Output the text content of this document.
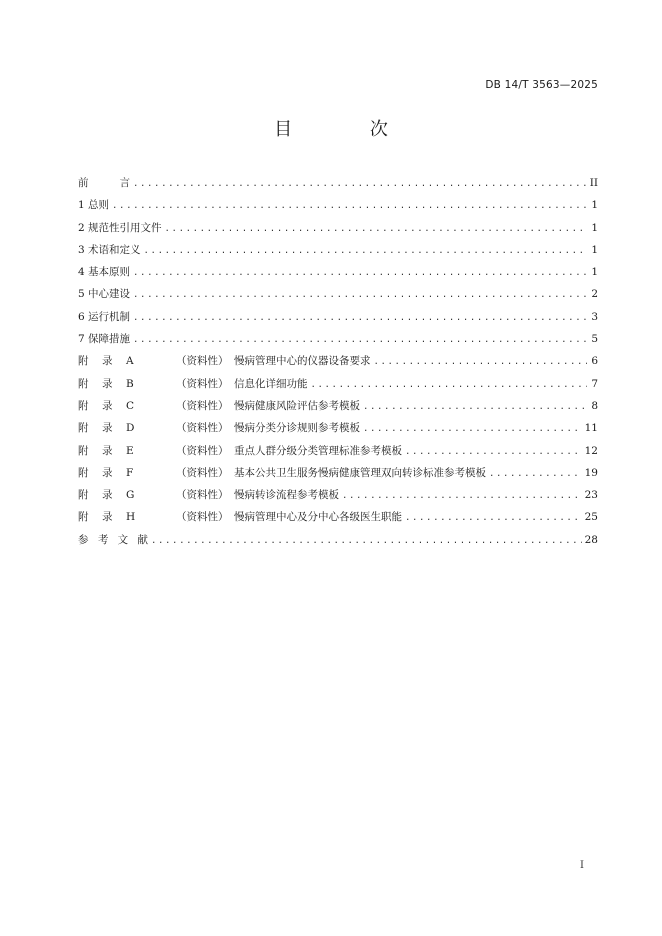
DB 14/T 3563—2025
目 次
前	言 .....	II
1 总则 .....	1
2 规范性引用文件 .....	1
3 术语和定义 .....	1
4 基本原则 .....	1
5 中心建设 .....	2
6 运行机制 .....	3
7 保障措施 .....	5
附 录 A	（资料性） 慢病管理中心的仪器设备要求 .....	6
附 录 B	（资料性） 信息化详细功能 .....	7
附 录 C	（资料性） 慢病健康风险评估参考模板 .....	8
附 录 D	（资料性） 慢病分类分诊规则参考模板 .....	11
附 录 E	（资料性） 重点人群分级分类管理标准参考模板 .....	12
附 录 F	（资料性） 基本公共卫生服务慢病健康管理双向转诊标准参考模板 .....	19
附 录 G	（资料性） 慢病转诊流程参考模板 .....	23
附 录 H	（资料性） 慢病管理中心及分中心各级医生职能 .....	25
参 考 文 献 .....	28
I
